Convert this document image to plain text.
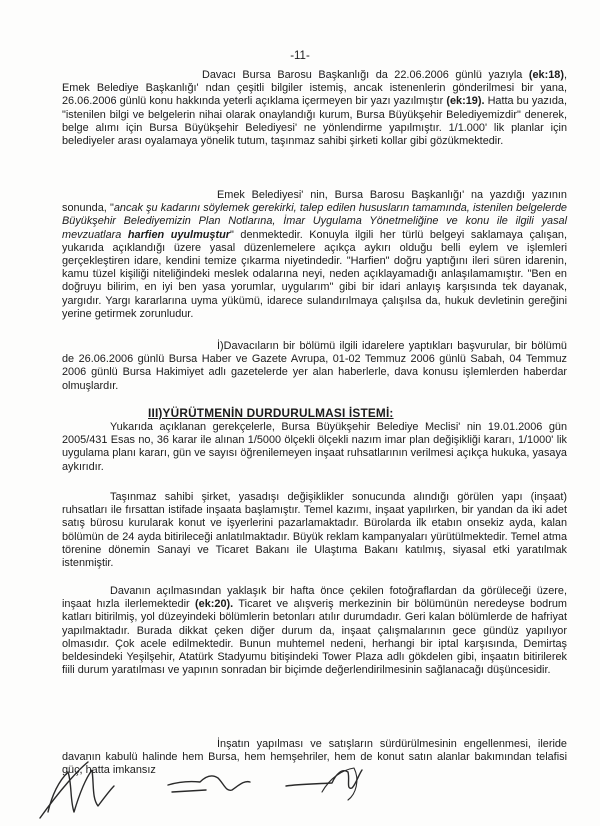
-11-
Davacı Bursa Barosu Başkanlığı da 22.06.2006 günlü yazıyla (ek:18), Emek Belediye Başkanlığı' ndan çeşitli bilgiler istemiş, ancak istenenlerin gönderilmesi bir yana, 26.06.2006 günlü konu hakkında yeterli açıklama içermeyen bir yazı yazılmıştır (ek:19). Hatta bu yazıda, "istenilen bilgi ve belgelerin nihai olarak onaylandığı kurum, Bursa Büyükşehir Belediyemizdir" denerek, belge alımı için Bursa Büyükşehir Belediyesi' ne yönlendirme yapılmıştır. 1/1.000' lik planlar için belediyeler arası oyalamaya yönelik tutum, taşınmaz sahibi şirketi kollar gibi gözükmektedir.
Emek Belediyesi' nin, Bursa Barosu Başkanlığı' na yazdığı yazının sonunda, "ancak şu kadarını söylemek gerekirki, talep edilen hususların tamamında, istenilen belgelerde Büyükşehir Belediyemizin Plan Notlarına, İmar Uygulama Yönetmeliğine ve konu ile ilgili yasal mevzuatlara harfien uyulmuştur" denmektedir. Konuyla ilgili her türlü belgeyi saklamaya çalışan, yukarıda açıklandığı üzere yasal düzenlemelere açıkça aykırı olduğu belli eylem ve işlemleri gerçekleştiren idare, kendini temize çıkarma niyetindedir. "Harfien" doğru yaptığını ileri süren idarenin, kamu tüzel kişiliği niteliğindeki meslek odalarına neyi, neden açıklayamadığı anlaşılamamıştır. "Ben en doğruyu bilirim, en iyi ben yasa yorumlar, uygularım" gibi bir idari anlayış karşısında tek dayanak, yargıdır. Yargı kararlarına uyma yükümü, idarece sulandırılmaya çalışılsa da, hukuk devletinin gereğini yerine getirmek zorunludur.
İ)Davacıların bir bölümü ilgili idarelere yaptıkları başvurular, bir bölümü de 26.06.2006 günlü Bursa Haber ve Gazete Avrupa, 01-02 Temmuz 2006 günlü Sabah, 04 Temmuz 2006 günlü Bursa Hakimiyet adlı gazetelerde yer alan haberlerle, dava konusu işlemlerden haberdar olmuşlardır.
III)YÜRÜTMENİN DURDURULMASI İSTEMİ:
Yukarıda açıklanan gerekçelerle, Bursa Büyükşehir Belediye Meclisi' nin 19.01.2006 gün 2005/431 Esas no, 36 karar ile alınan 1/5000 ölçekli ölçekli nazım imar plan değişikliği kararı, 1/1000' lik uygulama planı kararı, gün ve sayısı öğrenilemeyen inşaat ruhsatlarının verilmesi açıkça hukuka, yasaya aykırıdır.
Taşınmaz sahibi şirket, yasadışı değişiklikler sonucunda alındığı görülen yapı (inşaat) ruhsatları ile fırsattan istifade inşaata başlamıştır. Temel kazımı, inşaat yapılırken, bir yandan da iki adet satış bürosu kurularak konut ve işyerlerini pazarlamaktadır. Bürolarda ilk etabın onsekiz ayda, kalan bölümün de 24 ayda bitirileceği anlatılmaktadır. Büyük reklam kampanyaları yürütülmektedir. Temel atma törenine dönemin Sanayi ve Ticaret Bakanı ile Ulaştıma Bakanı katılmış, siyasal etki yaratılmak istenmiştir.
Davanın açılmasından yaklaşık bir hafta önce çekilen fotoğraflardan da görüleceği üzere, inşaat hızla ilerlemektedir (ek:20). Ticaret ve alışveriş merkezinin bir bölümünün neredeyse bodrum katları bitirilmiş, yol düzeyindeki bölümlerin betonları atılır durumdadır. Geri kalan bölümlerde de hafriyat yapılmaktadır. Burada dikkat çeken diğer durum da, inşaat çalışmalarının gece gündüz yapılıyor olmasıdır. Çok acele edilmektedir. Bunun muhtemel nedeni, herhangi bir iptal karşısında, Demirtaş beldesindeki Yeşilşehir, Atatürk Stadyumu bitişindeki Tower Plaza adlı gökdelen gibi, inşaatın bitirilerek fiili durum yaratılması ve yapının sonradan bir biçimde değerlendirilmesinin sağlanacağı düşüncesidir.
İnşatın yapılması ve satışların sürdürülmesinin engellenmesi, ileride davanın kabulü halinde hem Bursa, hem hemşehriler, hem de konut satın alanlar bakımından telafisi güç, hatta imkansız
